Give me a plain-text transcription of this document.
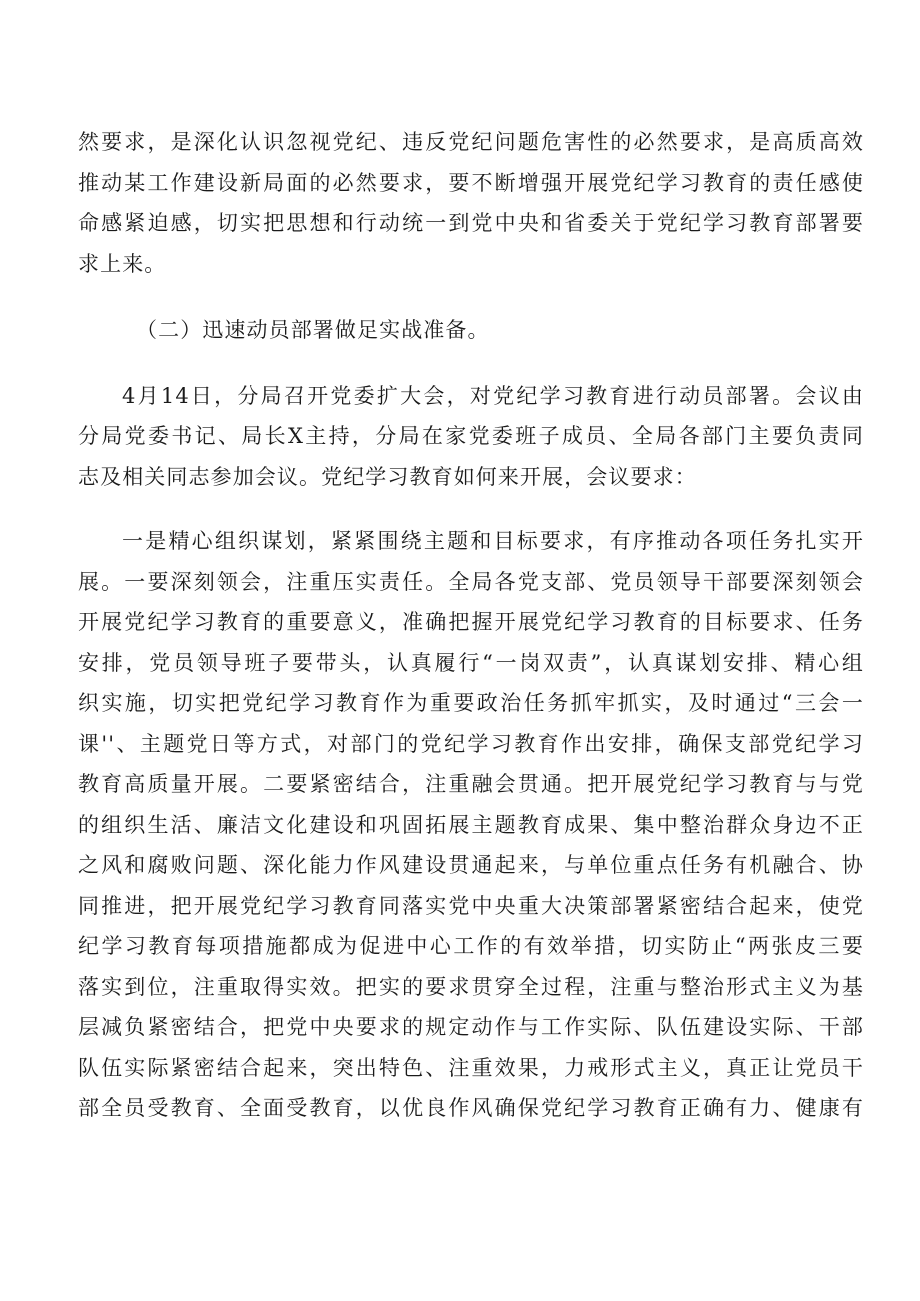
然要求，是深化认识忽视党纪、违反党纪问题危害性的必然要求，是高质高效
推动某工作建设新局面的必然要求，要不断增强开展党纪学习教育的责任感使
命感紧迫感，切实把思想和行动统一到党中央和省委关于党纪学习教育部署要
求上来。

（二）迅速动员部署做足实战准备。

4月14日，分局召开党委扩大会，对党纪学习教育进行动员部署。会议由
分局党委书记、局长X主持，分局在家党委班子成员、全局各部门主要负责同
志及相关同志参加会议。党纪学习教育如何来开展，会议要求：

一是精心组织谋划，紧紧围绕主题和目标要求，有序推动各项任务扎实开
展。一要深刻领会，注重压实责任。全局各党支部、党员领导干部要深刻领会
开展党纪学习教育的重要意义，准确把握开展党纪学习教育的目标要求、任务
安排，党员领导班子要带头，认真履行“一岗双责”，认真谋划安排、精心组
织实施，切实把党纪学习教育作为重要政治任务抓牢抓实，及时通过“三会一
课''、主题党日等方式，对部门的党纪学习教育作出安排，确保支部党纪学习
教育高质量开展。二要紧密结合，注重融会贯通。把开展党纪学习教育与与党
的组织生活、廉洁文化建设和巩固拓展主题教育成果、集中整治群众身边不正
之风和腐败问题、深化能力作风建设贯通起来，与单位重点任务有机融合、协
同推进，把开展党纪学习教育同落实党中央重大决策部署紧密结合起来，使党
纪学习教育每项措施都成为促进中心工作的有效举措，切实防止“两张皮三要
落实到位，注重取得实效。把实的要求贯穿全过程，注重与整治形式主义为基
层减负紧密结合，把党中央要求的规定动作与工作实际、队伍建设实际、干部
队伍实际紧密结合起来，突出特色、注重效果，力戒形式主义，真正让党员干
部全员受教育、全面受教育，以优良作风确保党纪学习教育正确有力、健康有
